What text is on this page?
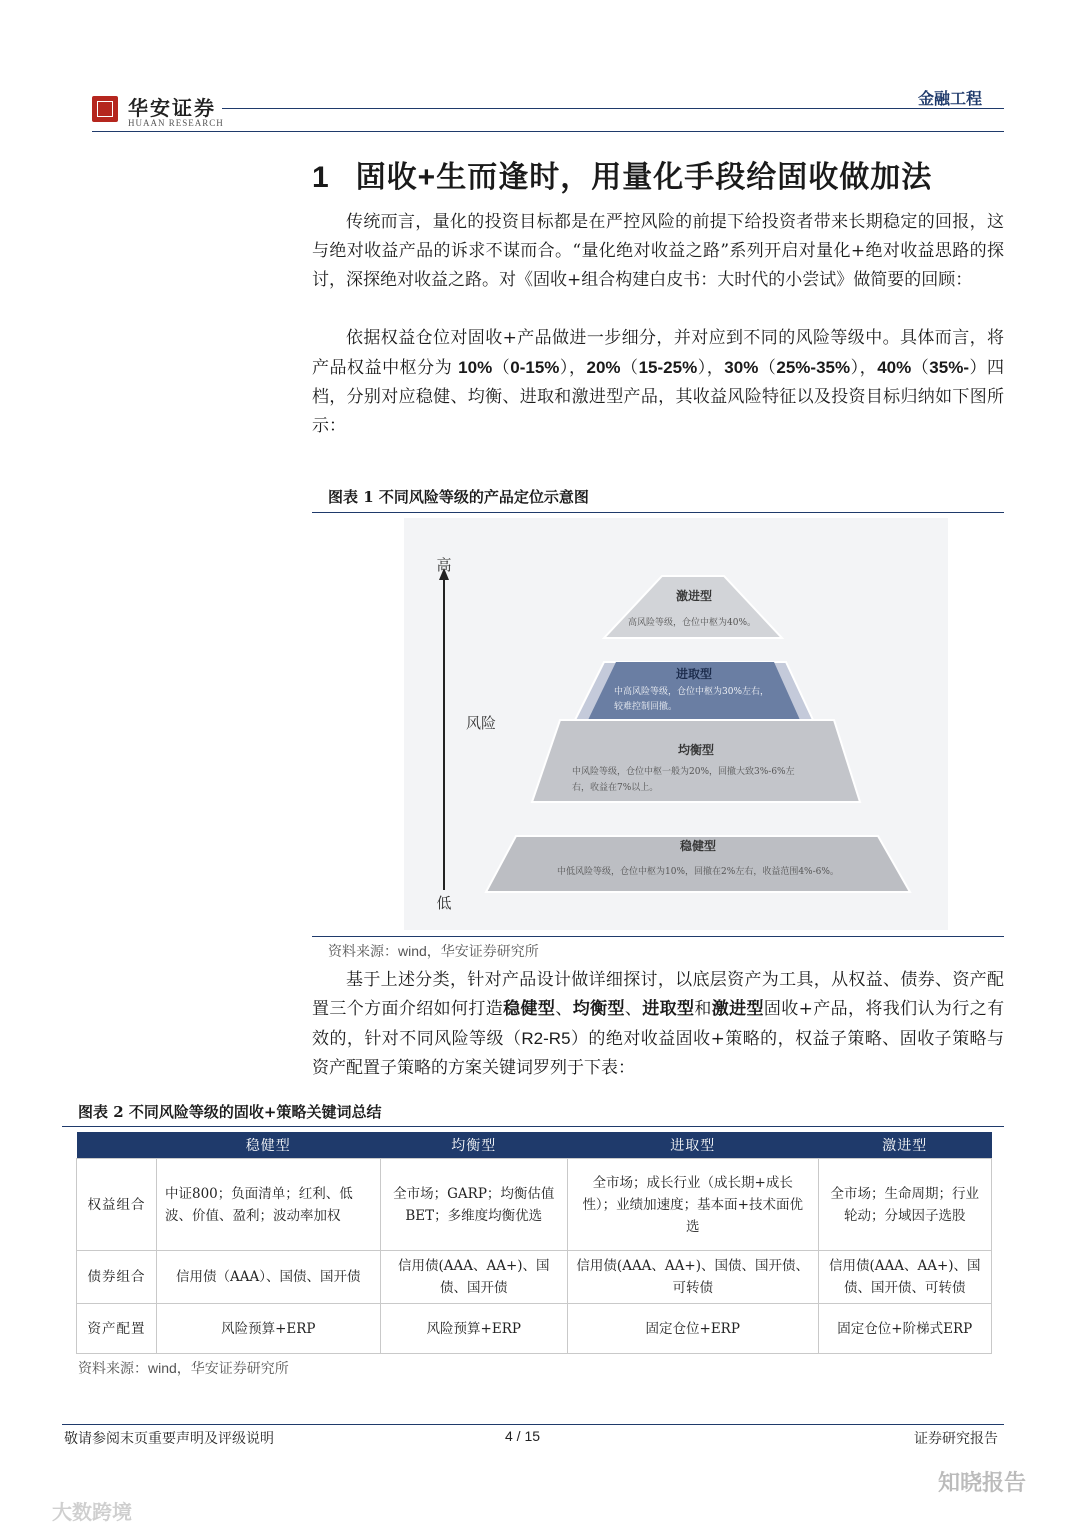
华安证券
HUAAN RESEARCH
金融工程
1 固收+生而逢时，用量化手段给固收做加法
传统而言，量化的投资目标都是在严控风险的前提下给投资者带来长期稳定的回报，这与绝对收益产品的诉求不谋而合。“量化绝对收益之路”系列开启对量化+绝对收益思路的探讨，深探绝对收益之路。对《固收+组合构建白皮书：大时代的小尝试》做简要的回顾：
依据权益仓位对固收+产品做进一步细分，并对应到不同的风险等级中。具体而言，将产品权益中枢分为 10%（0-15%），20%（15-25%），30%（25%-35%），40%（35%-）四档，分别对应稳健、均衡、进取和激进型产品，其收益风险特征以及投资目标归纳如下图所示：
图表 1 不同风险等级的产品定位示意图
高
风险
低
激进型
高风险等级，仓位中枢为40%。
进取型
中高风险等级，仓位中枢为30%左右，
较难控制回撤。
均衡型
中风险等级，仓位中枢一般为20%，回撤大致3%-6%左
右，收益在7%以上。
稳健型
中低风险等级，仓位中枢为10%，回撤在2%左右，收益范围4%-6%。
资料来源：wind，华安证券研究所
基于上述分类，针对产品设计做详细探讨，以底层资产为工具，从权益、债券、资产配置三个方面介绍如何打造稳健型、均衡型、进取型和激进型固收+产品，将我们认为行之有效的，针对不同风险等级（R2-R5）的绝对收益固收+策略的，权益子策略、固收子策略与资产配置子策略的方案关键词罗列于下表：
图表 2 不同风险等级的固收+策略关键词总结
	稳健型	均衡型	进取型	激进型
权益组合	中证800；负面清单；红利、低波、价值、盈利；波动率加权	全市场；GARP；均衡估值BET；多维度均衡优选	全市场；成长行业（成长期+成长性）；业绩加速度；基本面+技术面优选	全市场；生命周期；行业轮动；分域因子选股
债券组合	信用债（AAA）、国债、国开债	信用债(AAA、AA+)、国债、国开债	信用债(AAA、AA+)、国债、国开债、可转债	信用债(AAA、AA+)、国债、国开债、可转债
资产配置	风险预算+ERP	风险预算+ERP	固定仓位+ERP	固定仓位+阶梯式ERP
资料来源：wind，华安证券研究所
敬请参阅末页重要声明及评级说明	4 / 15	证券研究报告
知晓报告
大数跨境
